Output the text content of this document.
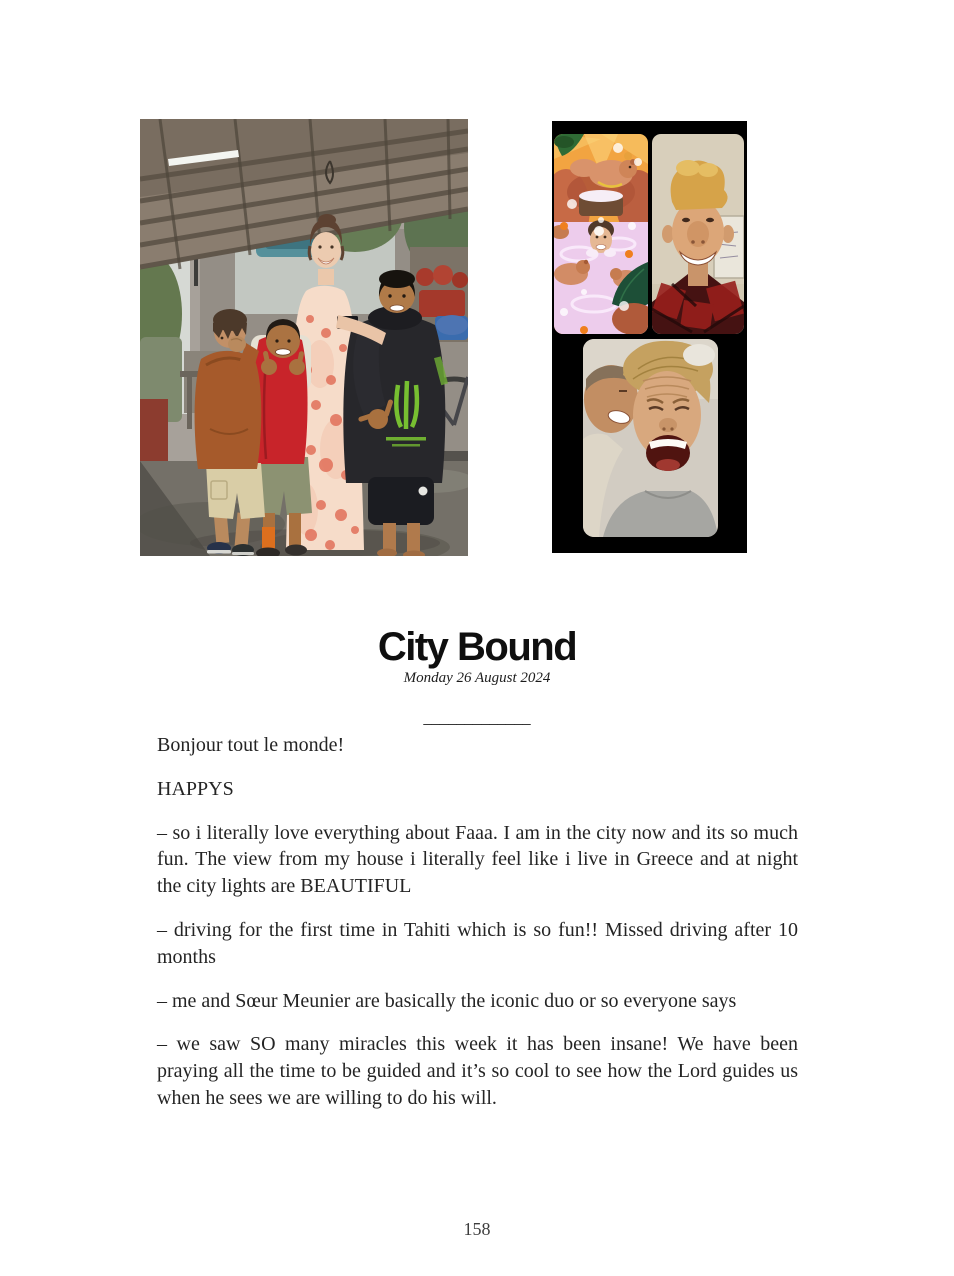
City Bound

Monday 26 August 2024

_____________

Bonjour tout le monde!

HAPPYS

– so i literally love everything about Faaa. I am in the city now and its so much fun. The view from my house i literally feel like i live in Greece and at night the city lights are BEAUTIFUL

– driving for the first time in Tahiti which is so fun!! Missed driving after 10 months

– me and Sœur Meunier are basically the iconic duo or so everyone says

– we saw SO many miracles this week it has been insane! We have been praying all the time to be guided and it’s so cool to see how the Lord guides us when he sees we are willing to do his will.

158
